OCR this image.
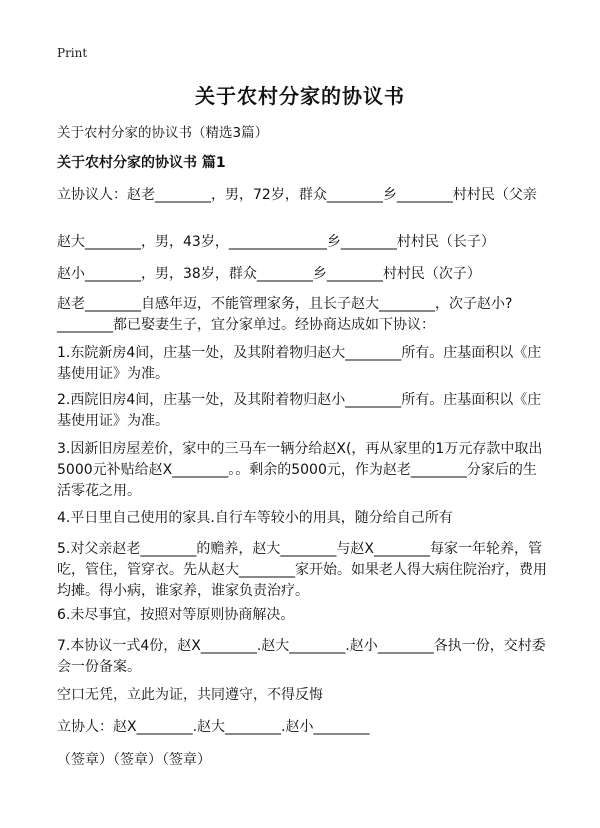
Print
关于农村分家的协议书
关于农村分家的协议书（精选3篇）
关于农村分家的协议书 篇1
立协议人：赵老________，男，72岁，群众________乡________村村民（父亲
赵大________，男，43岁，______________乡________村村民（长子）
赵小________，男，38岁，群众________乡________村村民（次子）
赵老________自感年迈，不能管理家务，且长子赵大________，次子赵小?________都已娶妻生子，宜分家单过。经协商达成如下协议：
1.东院新房4间，庄基一处，及其附着物归赵大________所有。庄基面积以《庄基使用证》为准。
2.西院旧房4间，庄基一处，及其附着物归赵小________所有。庄基面积以《庄基使用证》为准。
3.因新旧房屋差价，家中的三马车一辆分给赵X(，再从家里的1万元存款中取出5000元补贴给赵X________。。剩余的5000元，作为赵老________分家后的生活零花之用。
4.平日里自己使用的家具.自行车等较小的用具，随分给自己所有
5.对父亲赵老________的赡养，赵大________与赵X________每家一年轮养，管吃，管住，管穿衣。先从赵大________家开始。如果老人得大病住院治疗，费用均摊。得小病，谁家养，谁家负责治疗。
6.未尽事宜，按照对等原则协商解决。
7.本协议一式4份，赵X________.赵大________.赵小________各执一份，交村委会一份备案。
空口无凭，立此为证，共同遵守，不得反悔
立协人：赵X________.赵大________.赵小________
（签章）（签章）（签章）
